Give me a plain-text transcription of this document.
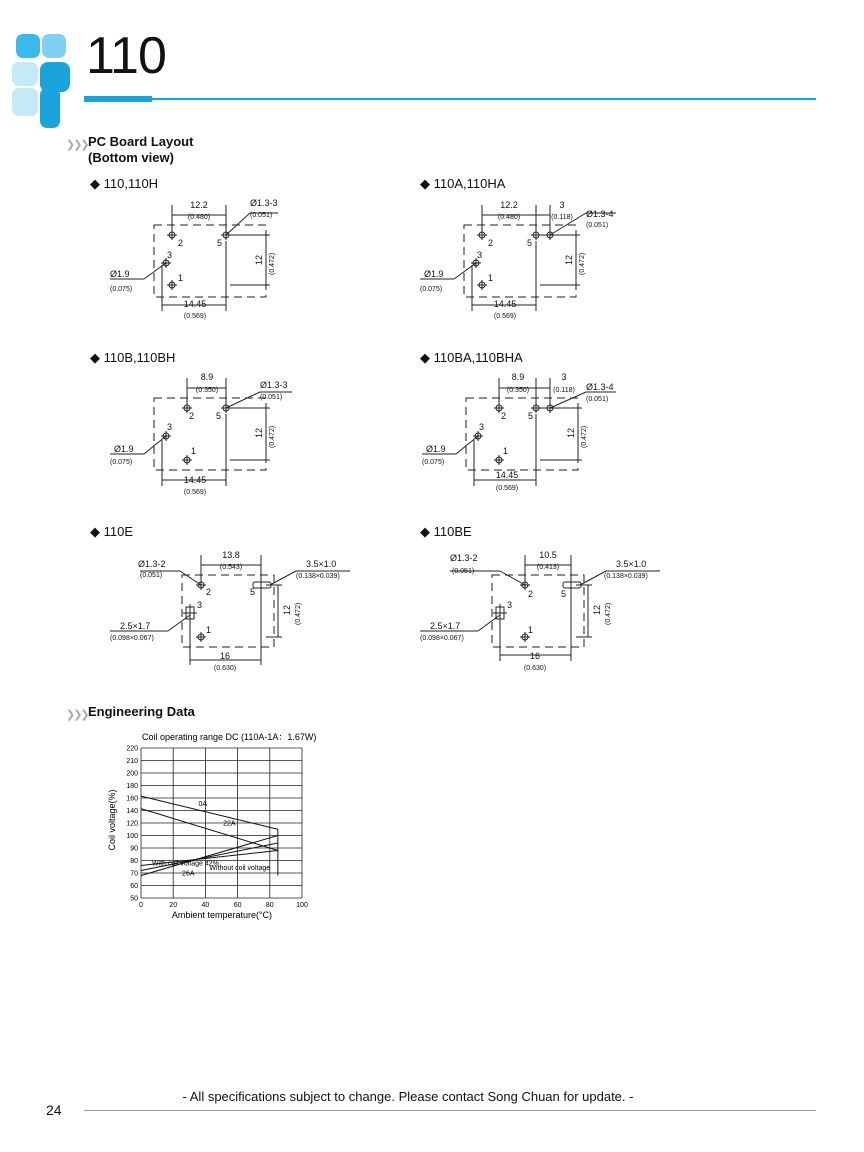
110
❯❯❯ PC Board Layout
(Bottom view)
◆ 110,110H	◆ 110A,110HA
◆ 110B,110BH	◆ 110BA,110BHA
◆ 110E	◆ 110BE
12.2
(0.480)
Ø1.3-3
(0.051)
2	5
3
1
Ø1.9
(0.075)
14.45
(0.569)
12 (0.472)
12.2
(0.480)
3
(0.118) Ø1.3-4
(0.051)
2	5
3
1
Ø1.9
(0.075)
14.45
(0.569)
12 (0.472)
8.9
(0.350)
Ø1.3-3
(0.051)
2 5
3
1
Ø1.9
(0.075)
14.45
(0.569)
12 (0.472)
8.9
(0.350)
3
(0.118) Ø1.3-4
(0.051)
2 5
3
1
Ø1.9
(0.075)
14.45
(0.569)
12 (0.472)
13.8
(0.543)
Ø1.3-2
(0.051)
3.5×1.0
(0.138×0.039)
2	5
3
1
2.5×1.7
(0.098×0.067)
16
(0.630)
12 (0.472)
10.5
(0.413)
Ø1.3-2
(0.051)
3.5×1.0
(0.138×0.039)
2	5
3
1
2.5×1.7
(0.098×0.067)
16
(0.630)
12 (0.472)
❯❯❯ Engineering Data
Coil operating range DC (110A-1A：1.67W)
Ambient temperature(°C)
Coil voltage(%)
220
210
200
180
160
140
120
100
90
80
70
60
50
0	20	40	60	80	100
0A
22A
26A
With coil voltage 42%
Without coil voltage
- All specifications subject to change. Please contact Song Chuan for update. -
24
